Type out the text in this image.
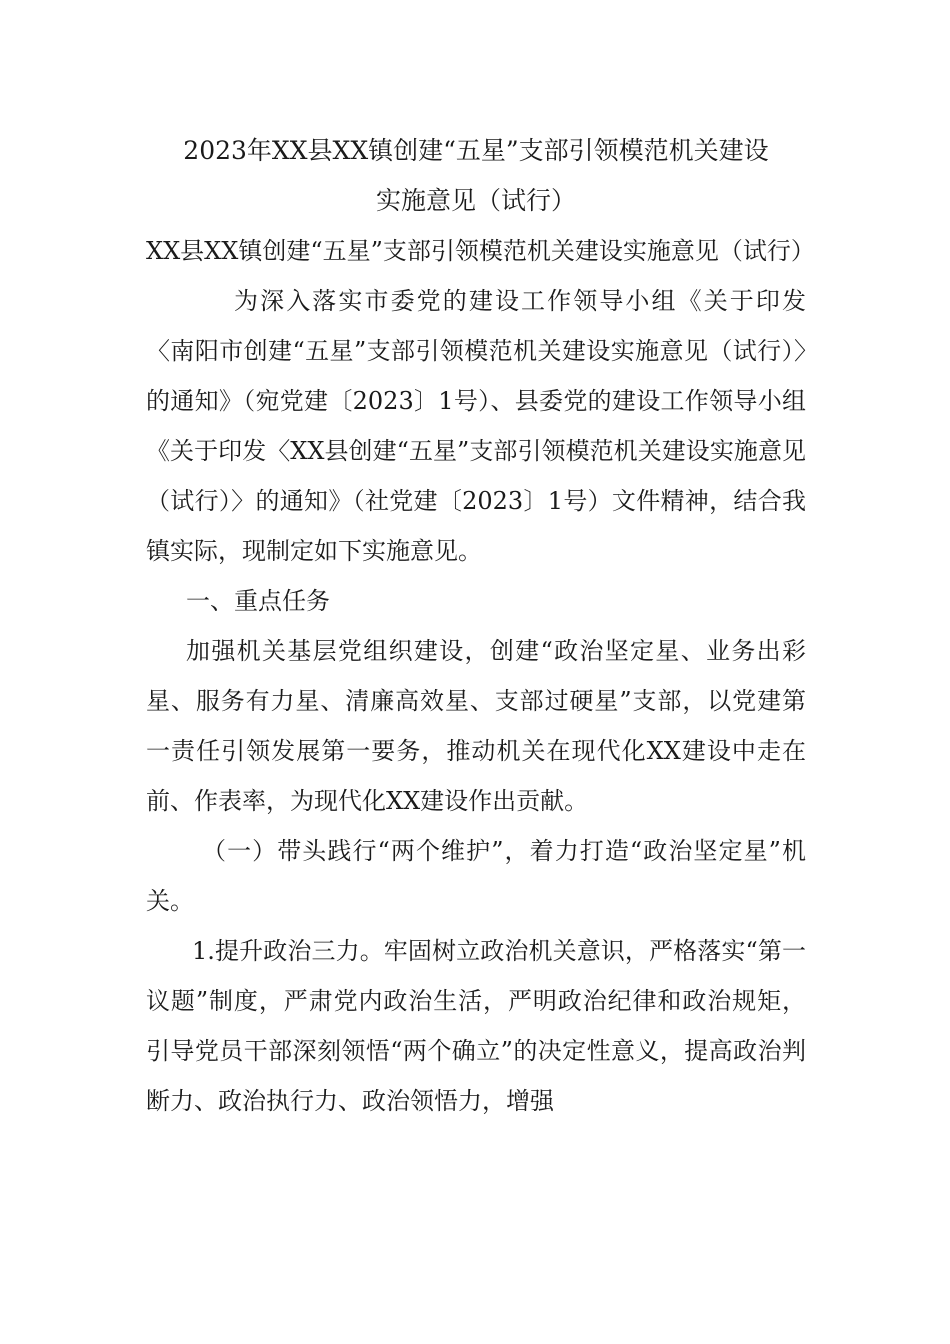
2023年XX县XX镇创建“五星”支部引领模范机关建设
实施意见（试行）

XX县XX镇创建“五星”支部引领模范机关建设实施意见（试行）

为深入落实市委党的建设工作领导小组《关于印发〈南阳市创建“五星”支部引领模范机关建设实施意见（试行）〉的通知》（宛党建〔2023〕1号）、县委党的建设工作领导小组《关于印发〈XX县创建“五星”支部引领模范机关建设实施意见（试行）〉的通知》（社党建〔2023〕1号）文件精神，结合我镇实际，现制定如下实施意见。

一、重点任务

加强机关基层党组织建设，创建“政治坚定星、业务出彩星、服务有力星、清廉高效星、支部过硬星”支部，以党建第一责任引领发展第一要务，推动机关在现代化XX建设中走在前、作表率，为现代化XX建设作出贡献。

（一）带头践行“两个维护”，着力打造“政治坚定星”机关。

1.提升政治三力。牢固树立政治机关意识，严格落实“第一议题”制度，严肃党内政治生活，严明政治纪律和政治规矩，引导党员干部深刻领悟“两个确立”的决定性意义，提高政治判断力、政治执行力、政治领悟力，增强
